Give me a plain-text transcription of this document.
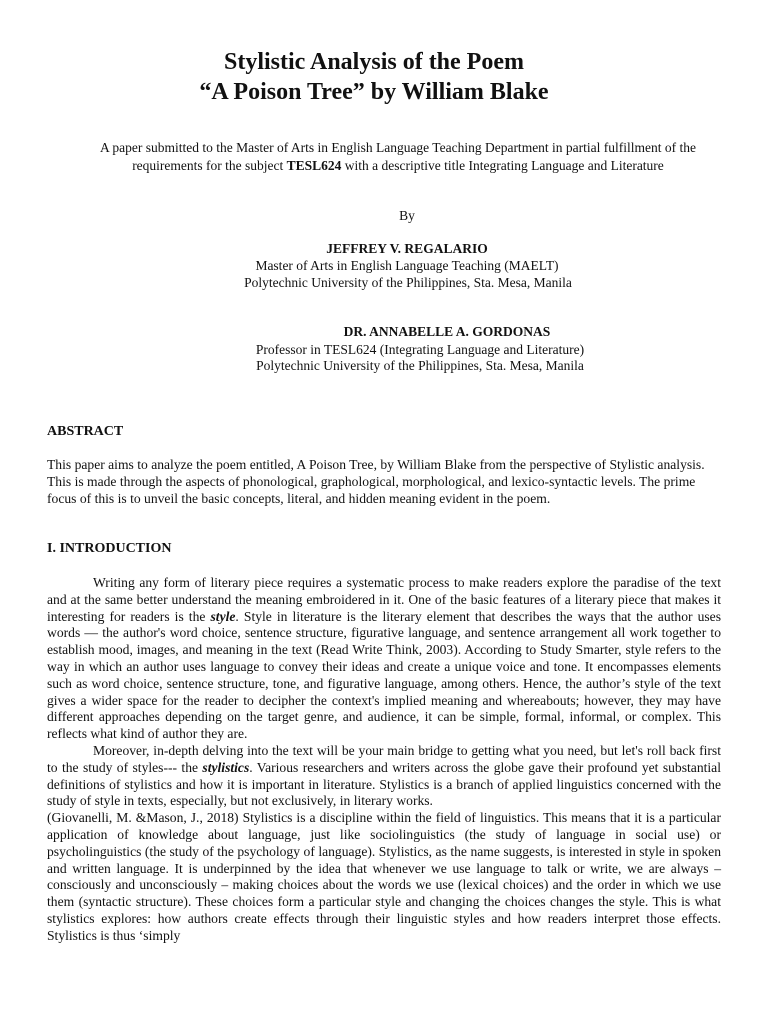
Stylistic Analysis of the Poem
“A Poison Tree” by William Blake
A paper submitted to the Master of Arts in English Language Teaching Department in partial fulfillment of the requirements for the subject TESL624 with a descriptive title Integrating Language and Literature
By
JEFFREY V. REGALARIO
Master of Arts in English Language Teaching (MAELT)
Polytechnic University of the Philippines, Sta. Mesa, Manila
DR. ANNABELLE A. GORDONAS
Professor in TESL624 (Integrating Language and Literature)
Polytechnic University of the Philippines, Sta. Mesa, Manila
ABSTRACT
This paper aims to analyze the poem entitled, A Poison Tree, by William Blake from the perspective of Stylistic analysis. This is made through the aspects of phonological, graphological, morphological, and lexico-syntactic levels. The prime focus of this is to unveil the basic concepts, literal, and hidden meaning evident in the poem.
I. INTRODUCTION

Writing any form of literary piece requires a systematic process to make readers explore the paradise of the text and at the same better understand the meaning embroidered in it. One of the basic features of a literary piece that makes it interesting for readers is the style. Style in literature is the literary element that describes the ways that the author uses words — the author's word choice, sentence structure, figurative language, and sentence arrangement all work together to establish mood, images, and meaning in the text (Read Write Think, 2003). According to Study Smarter, style refers to the way in which an author uses language to convey their ideas and create a unique voice and tone. It encompasses elements such as word choice, sentence structure, tone, and figurative language, among others. Hence, the author’s style of the text gives a wider space for the reader to decipher the context's implied meaning and whereabouts; however, they may have different approaches depending on the target genre, and audience, it can be simple, formal, informal, or complex. This reflects what kind of author they are.

Moreover, in-depth delving into the text will be your main bridge to getting what you need, but let's roll back first to the study of styles--- the stylistics. Various researchers and writers across the globe gave their profound yet substantial definitions of stylistics and how it is important in literature. Stylistics is a branch of applied linguistics concerned with the study of style in texts, especially, but not exclusively, in literary works.

(Giovanelli, M. &Mason, J., 2018) Stylistics is a discipline within the field of linguistics. This means that it is a particular application of knowledge about language, just like sociolinguistics (the study of language in social use) or psycholinguistics (the study of the psychology of language). Stylistics, as the name suggests, is interested in style in spoken and written language. It is underpinned by the idea that whenever we use language to talk or write, we are always – consciously and unconsciously – making choices about the words we use (lexical choices) and the order in which we use them (syntactic structure). These choices form a particular style and changing the choices changes the style. This is what stylistics explores: how authors create effects through their linguistic styles and how readers interpret those effects. Stylistics is thus ‘simply
